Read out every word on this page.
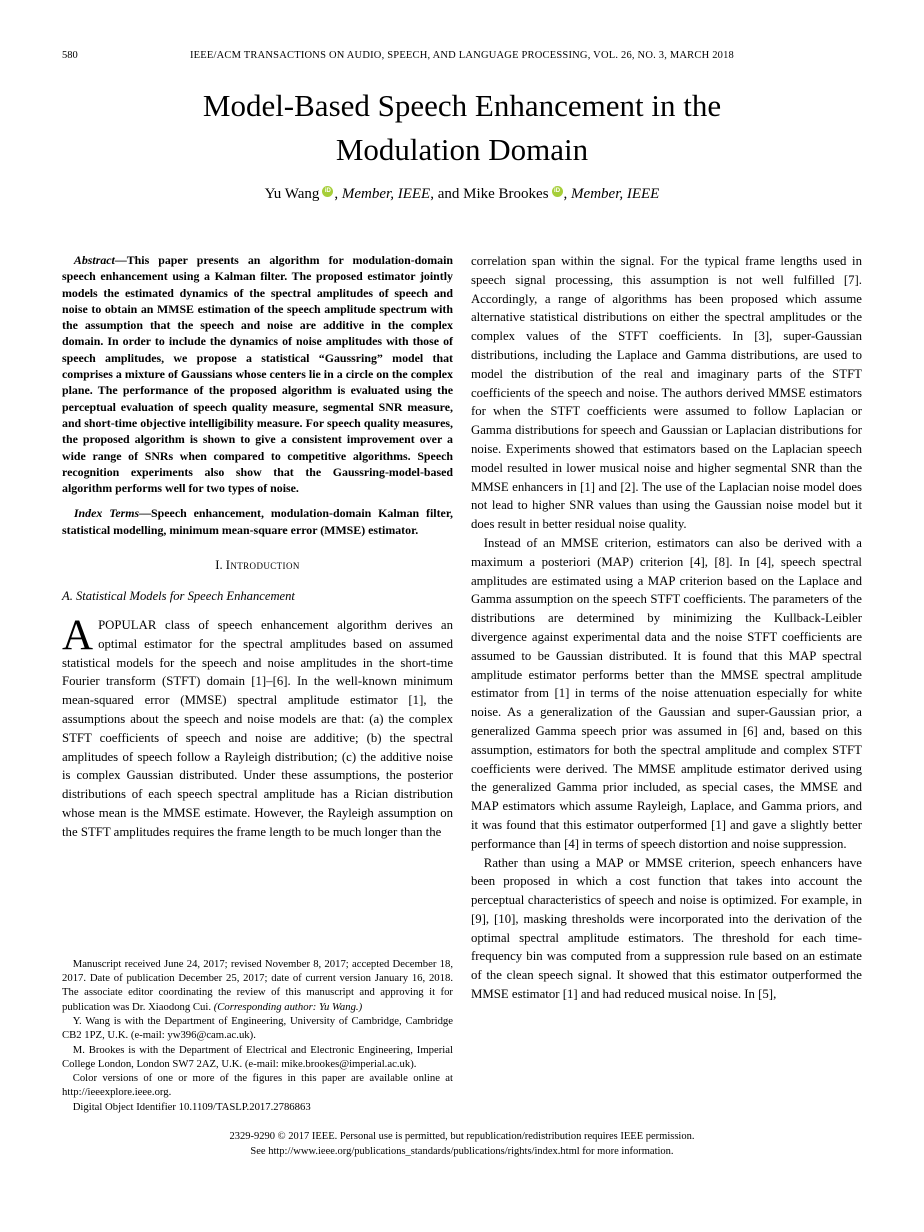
580	IEEE/ACM TRANSACTIONS ON AUDIO, SPEECH, AND LANGUAGE PROCESSING, VOL. 26, NO. 3, MARCH 2018
Model-Based Speech Enhancement in the Modulation Domain
Yu Wang iD , Member, IEEE, and Mike Brookes iD , Member, IEEE

Abstract—This paper presents an algorithm for modulation-domain speech enhancement using a Kalman filter. The proposed estimator jointly models the estimated dynamics of the spectral amplitudes of speech and noise to obtain an MMSE estimation of the speech amplitude spectrum with the assumption that the speech and noise are additive in the complex domain. In order to include the dynamics of noise amplitudes with those of speech amplitudes, we propose a statistical “Gaussring” model that comprises a mixture of Gaussians whose centers lie in a circle on the complex plane. The performance of the proposed algorithm is evaluated using the perceptual evaluation of speech quality measure, segmental SNR measure, and short-time objective intelligibility measure. For speech quality measures, the proposed algorithm is shown to give a consistent improvement over a wide range of SNRs when compared to competitive algorithms. Speech recognition experiments also show that the Gaussring-model-based algorithm performs well for two types of noise.

Index Terms—Speech enhancement, modulation-domain Kalman filter, statistical modelling, minimum mean-square error (MMSE) estimator.

I. Introduction
A. Statistical Models for Speech Enhancement

APOPULAR class of speech enhancement algorithm derives an optimal estimator for the spectral amplitudes based on assumed statistical models for the speech and noise amplitudes in the short-time Fourier transform (STFT) domain [1]–[6]. In the well-known minimum mean-squared error (MMSE) spectral amplitude estimator [1], the assumptions about the speech and noise models are that: (a) the complex STFT coefficients of speech and noise are additive; (b) the spectral amplitudes of speech follow a Rayleigh distribution; (c) the additive noise is complex Gaussian distributed. Under these assumptions, the posterior distributions of each speech spectral amplitude has a Rician distribution whose mean is the MMSE estimate. However, the Rayleigh assumption on the STFT amplitudes requires the frame length to be much longer than the

Manuscript received June 24, 2017; revised November 8, 2017; accepted December 18, 2017. Date of publication December 25, 2017; date of current version January 16, 2018. The associate editor coordinating the review of this manuscript and approving it for publication was Dr. Xiaodong Cui. (Corresponding author: Yu Wang.)

Y. Wang is with the Department of Engineering, University of Cambridge, Cambridge CB2 1PZ, U.K. (e-mail: yw396@cam.ac.uk).

M. Brookes is with the Department of Electrical and Electronic Engineering, Imperial College London, London SW7 2AZ, U.K. (e-mail: mike.brookes@imperial.ac.uk).

Color versions of one or more of the figures in this paper are available online at http://ieeexplore.ieee.org.

Digital Object Identifier 10.1109/TASLP.2017.2786863

correlation span within the signal. For the typical frame lengths used in speech signal processing, this assumption is not well fulfilled [7]. Accordingly, a range of algorithms has been proposed which assume alternative statistical distributions on either the spectral amplitudes or the complex values of the STFT coefficients. In [3], super-Gaussian distributions, including the Laplace and Gamma distributions, are used to model the distribution of the real and imaginary parts of the STFT coefficients of the speech and noise. The authors derived MMSE estimators for when the STFT coefficients were assumed to follow Laplacian or Gamma distributions for speech and Gaussian or Laplacian distributions for noise. Experiments showed that estimators based on the Laplacian speech model resulted in lower musical noise and higher segmental SNR than the MMSE enhancers in [1] and [2]. The use of the Laplacian noise model does not lead to higher SNR values than using the Gaussian noise model but it does result in better residual noise quality.

Instead of an MMSE criterion, estimators can also be derived with a maximum a posteriori (MAP) criterion [4], [8]. In [4], speech spectral amplitudes are estimated using a MAP criterion based on the Laplace and Gamma assumption on the speech STFT coefficients. The parameters of the distributions are determined by minimizing the Kullback-Leibler divergence against experimental data and the noise STFT coefficients are assumed to be Gaussian distributed. It is found that this MAP spectral amplitude estimator performs better than the MMSE spectral amplitude estimator from [1] in terms of the noise attenuation especially for white noise. As a generalization of the Gaussian and super-Gaussian prior, a generalized Gamma speech prior was assumed in [6] and, based on this assumption, estimators for both the spectral amplitude and complex STFT coefficients were derived. The MMSE amplitude estimator derived using the generalized Gamma prior included, as special cases, the MMSE and MAP estimators which assume Rayleigh, Laplace, and Gamma priors, and it was found that this estimator outperformed [1] and gave a slightly better performance than [4] in terms of speech distortion and noise suppression.

Rather than using a MAP or MMSE criterion, speech enhancers have been proposed in which a cost function that takes into account the perceptual characteristics of speech and noise is optimized. For example, in [9], [10], masking thresholds were incorporated into the derivation of the optimal spectral amplitude estimators. The threshold for each time-frequency bin was computed from a suppression rule based on an estimate of the clean speech signal. It showed that this estimator outperformed the MMSE estimator [1] and had reduced musical noise. In [5],

2329-9290 © 2017 IEEE. Personal use is permitted, but republication/redistribution requires IEEE permission.

See http://www.ieee.org/publications_standards/publications/rights/index.html for more information.
